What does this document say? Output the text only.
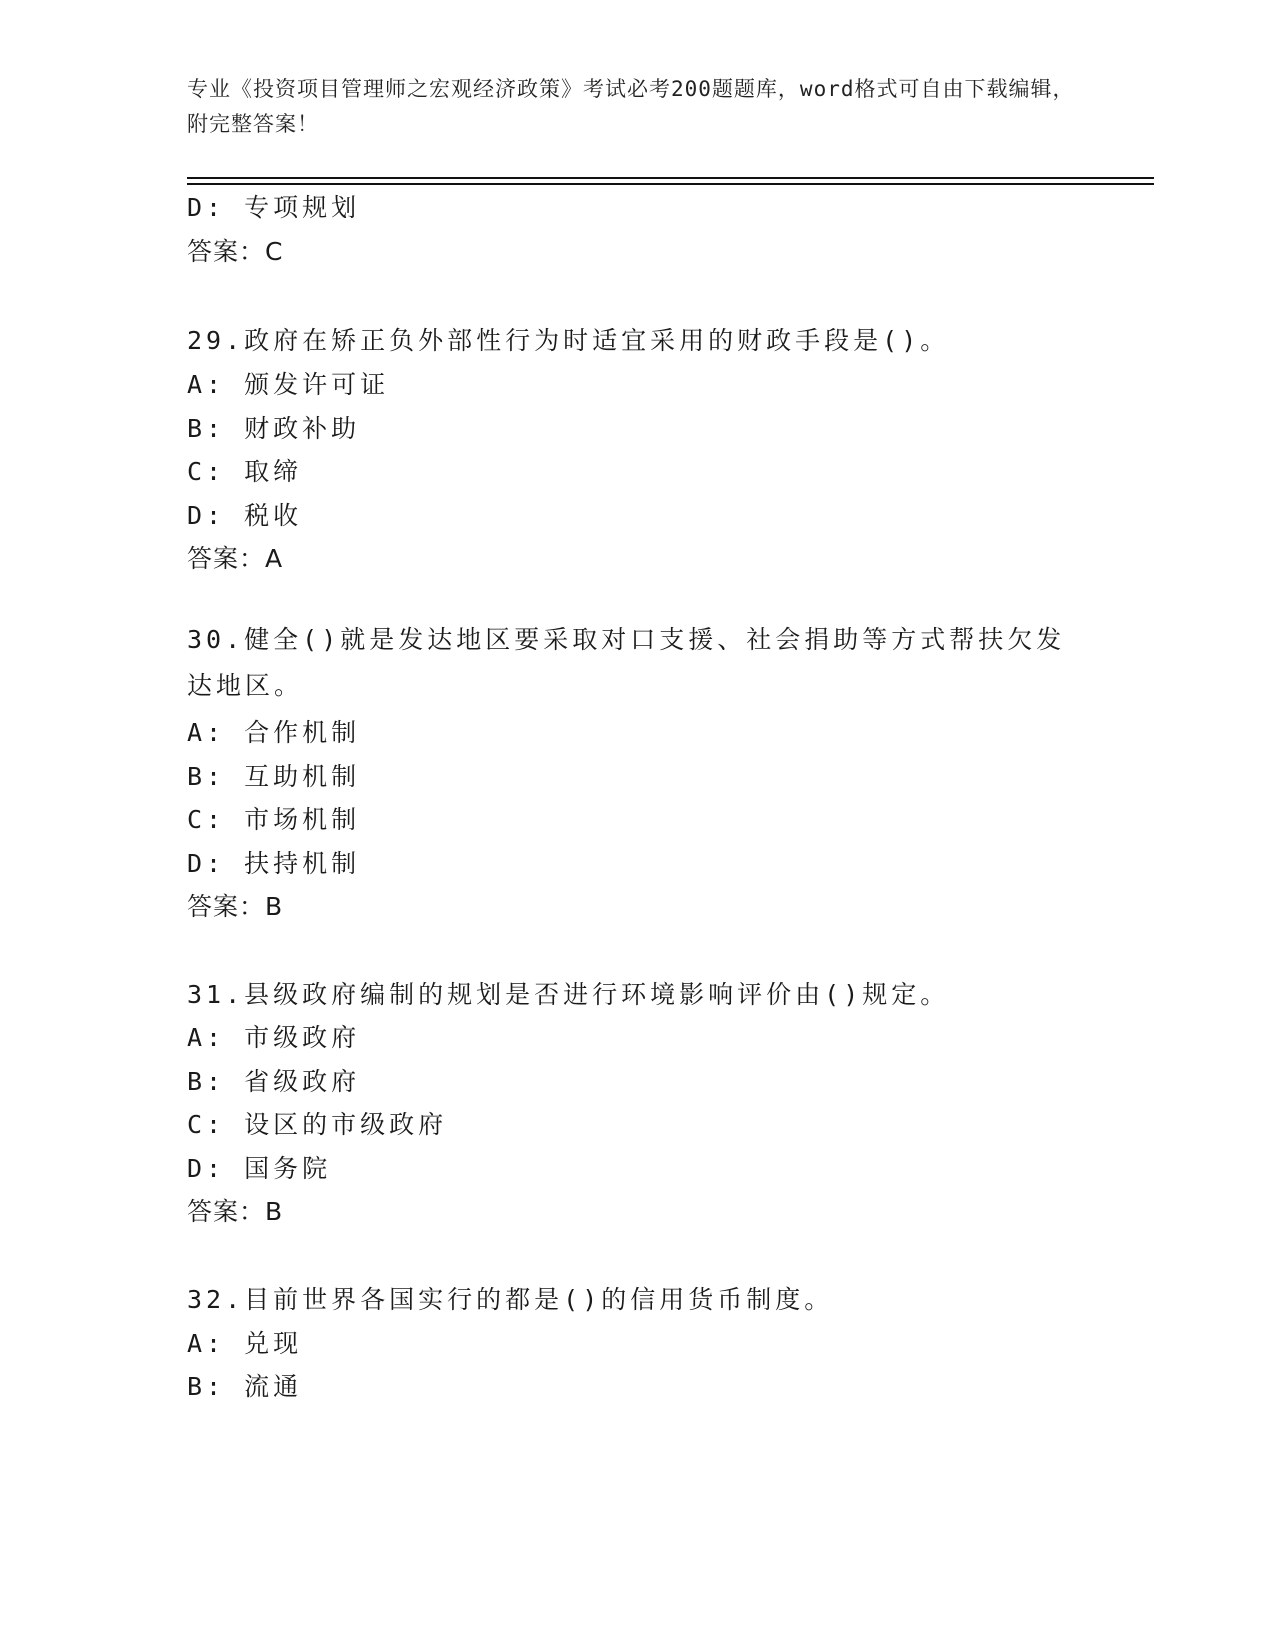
专业《投资项目管理师之宏观经济政策》考试必考200题题库，word格式可自由下载编辑，附完整答案！
D: 专项规划
答案：C
29.政府在矫正负外部性行为时适宜采用的财政手段是()。
A: 颁发许可证
B: 财政补助
C: 取缔
D: 税收
答案：A
30.健全()就是发达地区要采取对口支援、社会捐助等方式帮扶欠发达地区。
A: 合作机制
B: 互助机制
C: 市场机制
D: 扶持机制
答案：B
31.县级政府编制的规划是否进行环境影响评价由()规定。
A: 市级政府
B: 省级政府
C: 设区的市级政府
D: 国务院
答案：B
32.目前世界各国实行的都是()的信用货币制度。
A: 兑现
B: 流通
